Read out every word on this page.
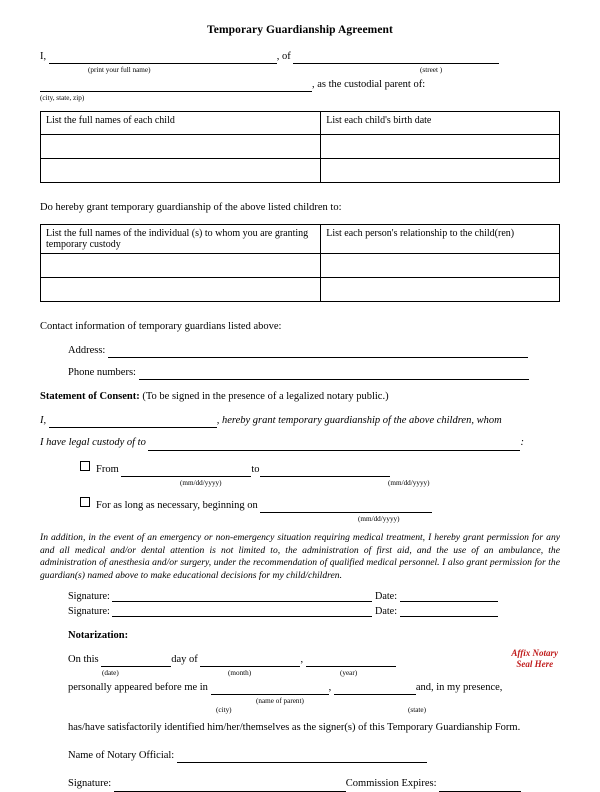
Temporary Guardianship Agreement
I,	, of
(print your full name)	(street )
, as the custodial parent of:
(city, state, zip)
List the full names of each child	List each child's birth date

Do hereby grant temporary guardianship of the above listed children to:
List the full names of the individual (s) to whom you are granting temporary custody	List each person's relationship to the child(ren)

Contact information of temporary guardians listed above:
Address:
Phone numbers:
Statement of Consent: (To be signed in the presence of a legalized notary public.)
I,	, hereby grant temporary guardianship of the above children, whom
I have legal custody of to	:
From	to
(mm/dd/yyyy)	(mm/dd/yyyy)
For as long as necessary, beginning on
(mm/dd/yyyy)
In addition, in the event of an emergency or non-emergency situation requiring medical treatment, I hereby grant permission for any and all medical and/or dental attention is not limited to, the administration of first aid, and the use of an ambulance, the administration of anesthesia and/or surgery, under the recommendation of qualified medical personnel. I also grant permission for the guardian(s) named above to make educational decisions for my child/children.
Signature:	Date:
Signature:	Date:
Notarization:
On this	day of	,
(date)	(month)	(year)
personally appeared before me in	,	and, in my presence,
(name of parent)
(city)	(state)
has/have satisfactorily identified him/her/themselves as the signer(s) of this Temporary Guardianship Form.
Affix Notary
Seal Here
Name of Notary Official:
Signature:	Commission Expires:
